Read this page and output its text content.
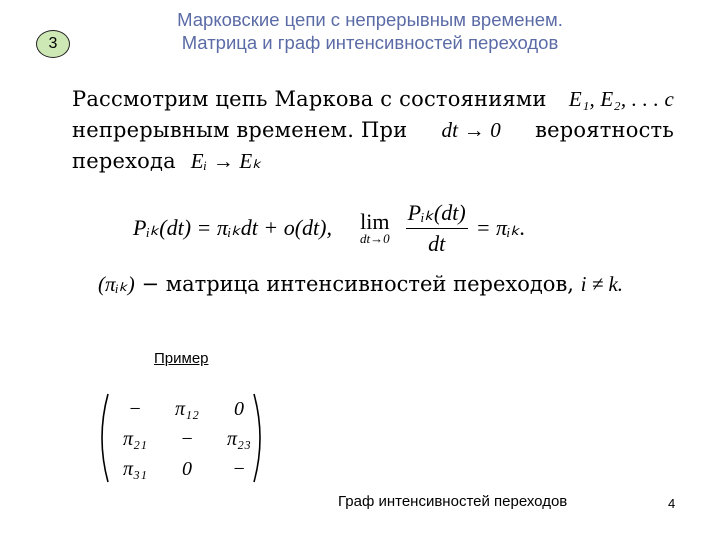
3
Марковские цепи с непрерывным временем.
Матрица и граф интенсивностей переходов
Рассмотрим цепь Маркова с состояниями E₁, E₂, . . . с
непрерывным временем. При dt → 0 вероятность
перехода Eᵢ → Eₖ
Pᵢₖ(dt) = πᵢₖdt + o(dt), lim
$dt\to 0 \frac{\text{Pᵢₖ(dt)}}{dt}$ = πᵢₖ.
(πᵢₖ) − матрица интенсивностей переходов, i ≠ k.
Пример
− π₁₂ 0
π₂₁ − π₂₃
π₃₁ 0 −
Граф интенсивностей переходов	4
